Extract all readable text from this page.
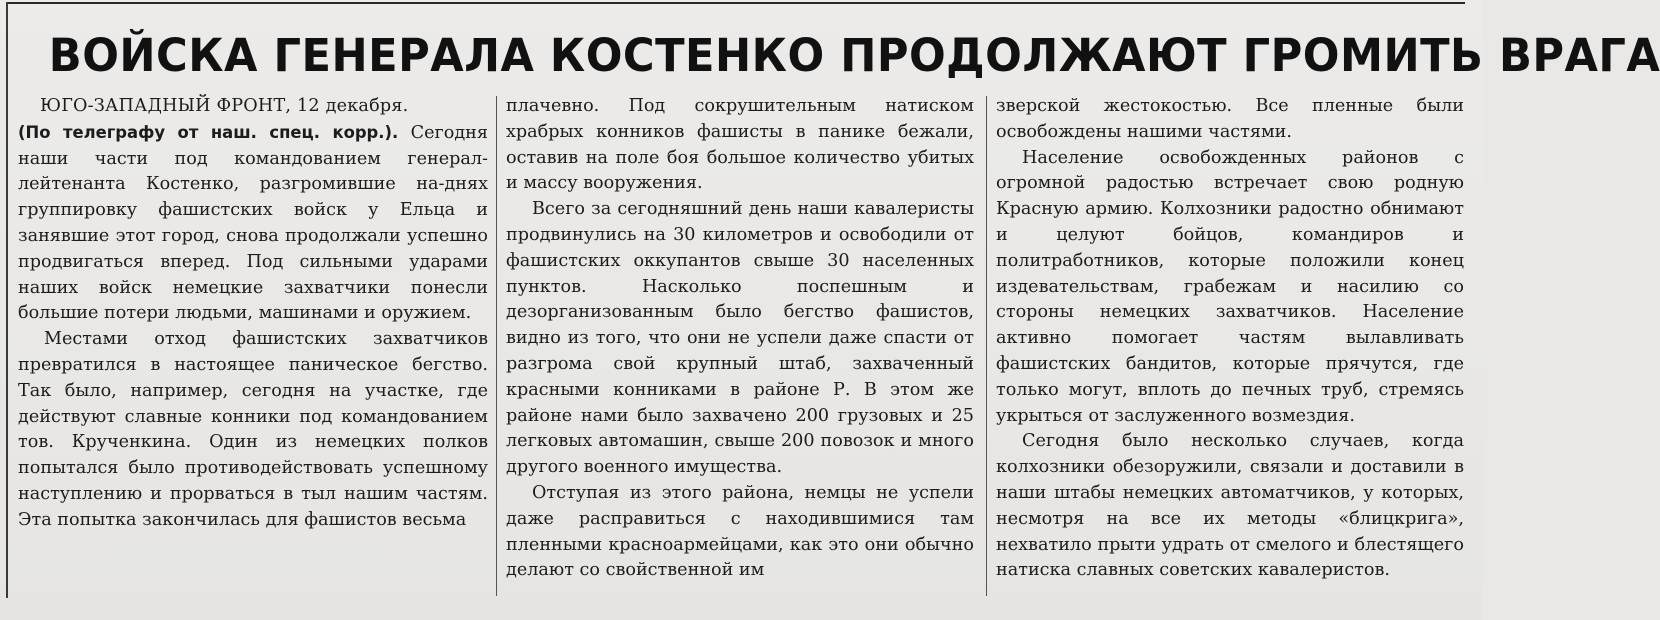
ВОЙСКА ГЕНЕРАЛА КОСТЕНКО ПРОДОЛЖАЮТ ГРОМИТЬ ВРАГА

ЮГО-ЗАПАДНЫЙ ФРОНТ, 12 декабря.
(По телеграфу от наш. спец. корр.). Сегодня наши части под командованием генерал-лейтенанта Костенко, разгромившие на-днях группировку фашистских войск у Ельца и занявшие этот город, снова продолжали успешно продвигаться вперед. Под сильными ударами наших войск немецкие захватчики понесли большие потери людьми, машинами и оружием.

Местами отход фашистских захватчиков превратился в настоящее паническое бегство. Так было, например, сегодня на участке, где действуют славные конники под командованием тов. Крученкина. Один из немецких полков попытался было противодействовать успешному наступлению и прорваться в тыл нашим частям. Эта попытка закончилась для фашистов весьма

плачевно. Под сокрушительным натиском храбрых конников фашисты в панике бежали, оставив на поле боя большое количество убитых и массу вооружения.

Всего за сегодняшний день наши кавалеристы продвинулись на 30 километров и освободили от фашистских оккупантов свыше 30 населенных пунктов. Насколько поспешным и дезорганизованным было бегство фашистов, видно из того, что они не успели даже спасти от разгрома свой крупный штаб, захваченный красными конниками в районе Р. В этом же районе нами было захвачено 200 грузовых и 25 легковых автомашин, свыше 200 повозок и много другого военного имущества.

Отступая из этого района, немцы не успели даже расправиться с находившимися там пленными красноармейцами, как это они обычно делают со свойственной им

зверской жестокостью. Все пленные были освобождены нашими частями.

Население освобожденных районов с огромной радостью встречает свою родную Красную армию. Колхозники радостно обнимают и целуют бойцов, командиров и политработников, которые положили конец издевательствам, грабежам и насилию со стороны немецких захватчиков. Население активно помогает частям вылавливать фашистских бандитов, которые прячутся, где только могут, вплоть до печных труб, стремясь укрыться от заслуженного возмездия.

Сегодня было несколько случаев, когда колхозники обезоружили, связали и доставили в наши штабы немецких автоматчиков, у которых, несмотря на все их методы «блицкрига», нехватило прыти удрать от смелого и блестящего натиска славных советских кавалеристов.
